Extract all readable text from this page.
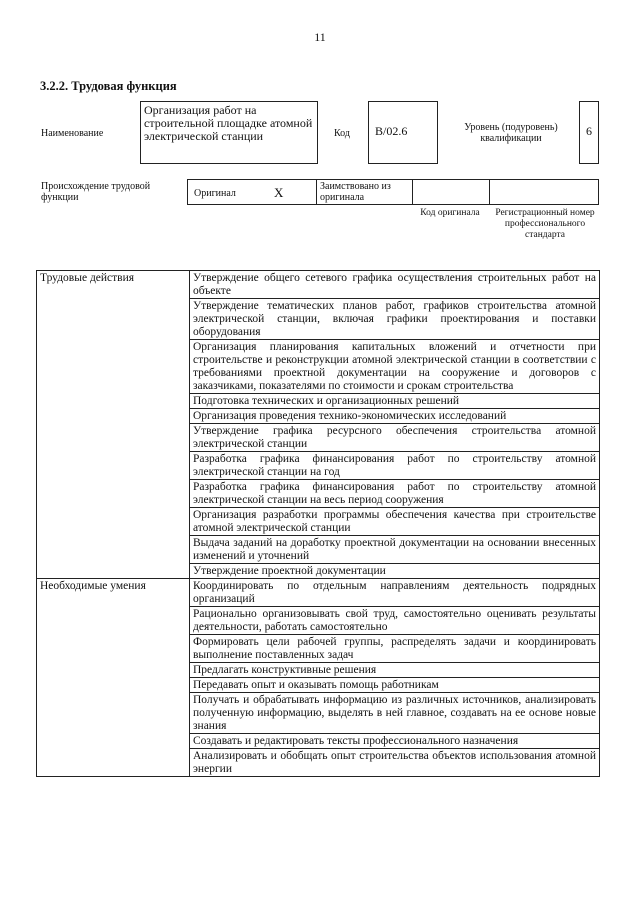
11
3.2.2. Трудовая функция
Наименование
Организация работ на строительной площадке атомной электрической станции	Код	B/02.6	Уровень (подуровень) квалификации
6
Происхождение трудовой функции	Оригинал	X	Заимствовано из оригинала
Код оригинала	Регистрационный номер профессионального стандарта
Трудовые действия	Утверждение общего сетевого графика осуществления строительных работ на объекте
	Утверждение тематических планов работ, графиков строительства атомной электрической станции, включая графики проектирования и поставки оборудования
	Организация планирования капитальных вложений и отчетности при строительстве и реконструкции атомной электрической станции в соответствии с требованиями проектной документации на сооружение и договоров с заказчиками, показателями по стоимости и срокам строительства
	Подготовка технических и организационных решений
	Организация проведения технико-экономических исследований
	Утверждение графика ресурсного обеспечения строительства атомной электрической станции
	Разработка графика финансирования работ по строительству атомной электрической станции на год
	Разработка графика финансирования работ по строительству атомной электрической станции на весь период сооружения
	Организация разработки программы обеспечения качества при строительстве атомной электрической станции
	Выдача заданий на доработку проектной документации на основании внесенных изменений и уточнений
	Утверждение проектной документации
Необходимые умения	Координировать по отдельным направлениям деятельность подрядных организаций
	Рационально организовывать свой труд, самостоятельно оценивать результаты деятельности, работать самостоятельно
	Формировать цели рабочей группы, распределять задачи и координировать выполнение поставленных задач
	Предлагать конструктивные решения
	Передавать опыт и оказывать помощь работникам
	Получать и обрабатывать информацию из различных источников, анализировать полученную информацию, выделять в ней главное, создавать на ее основе новые знания
	Создавать и редактировать тексты профессионального назначения
	Анализировать и обобщать опыт строительства объектов использования атомной энергии
